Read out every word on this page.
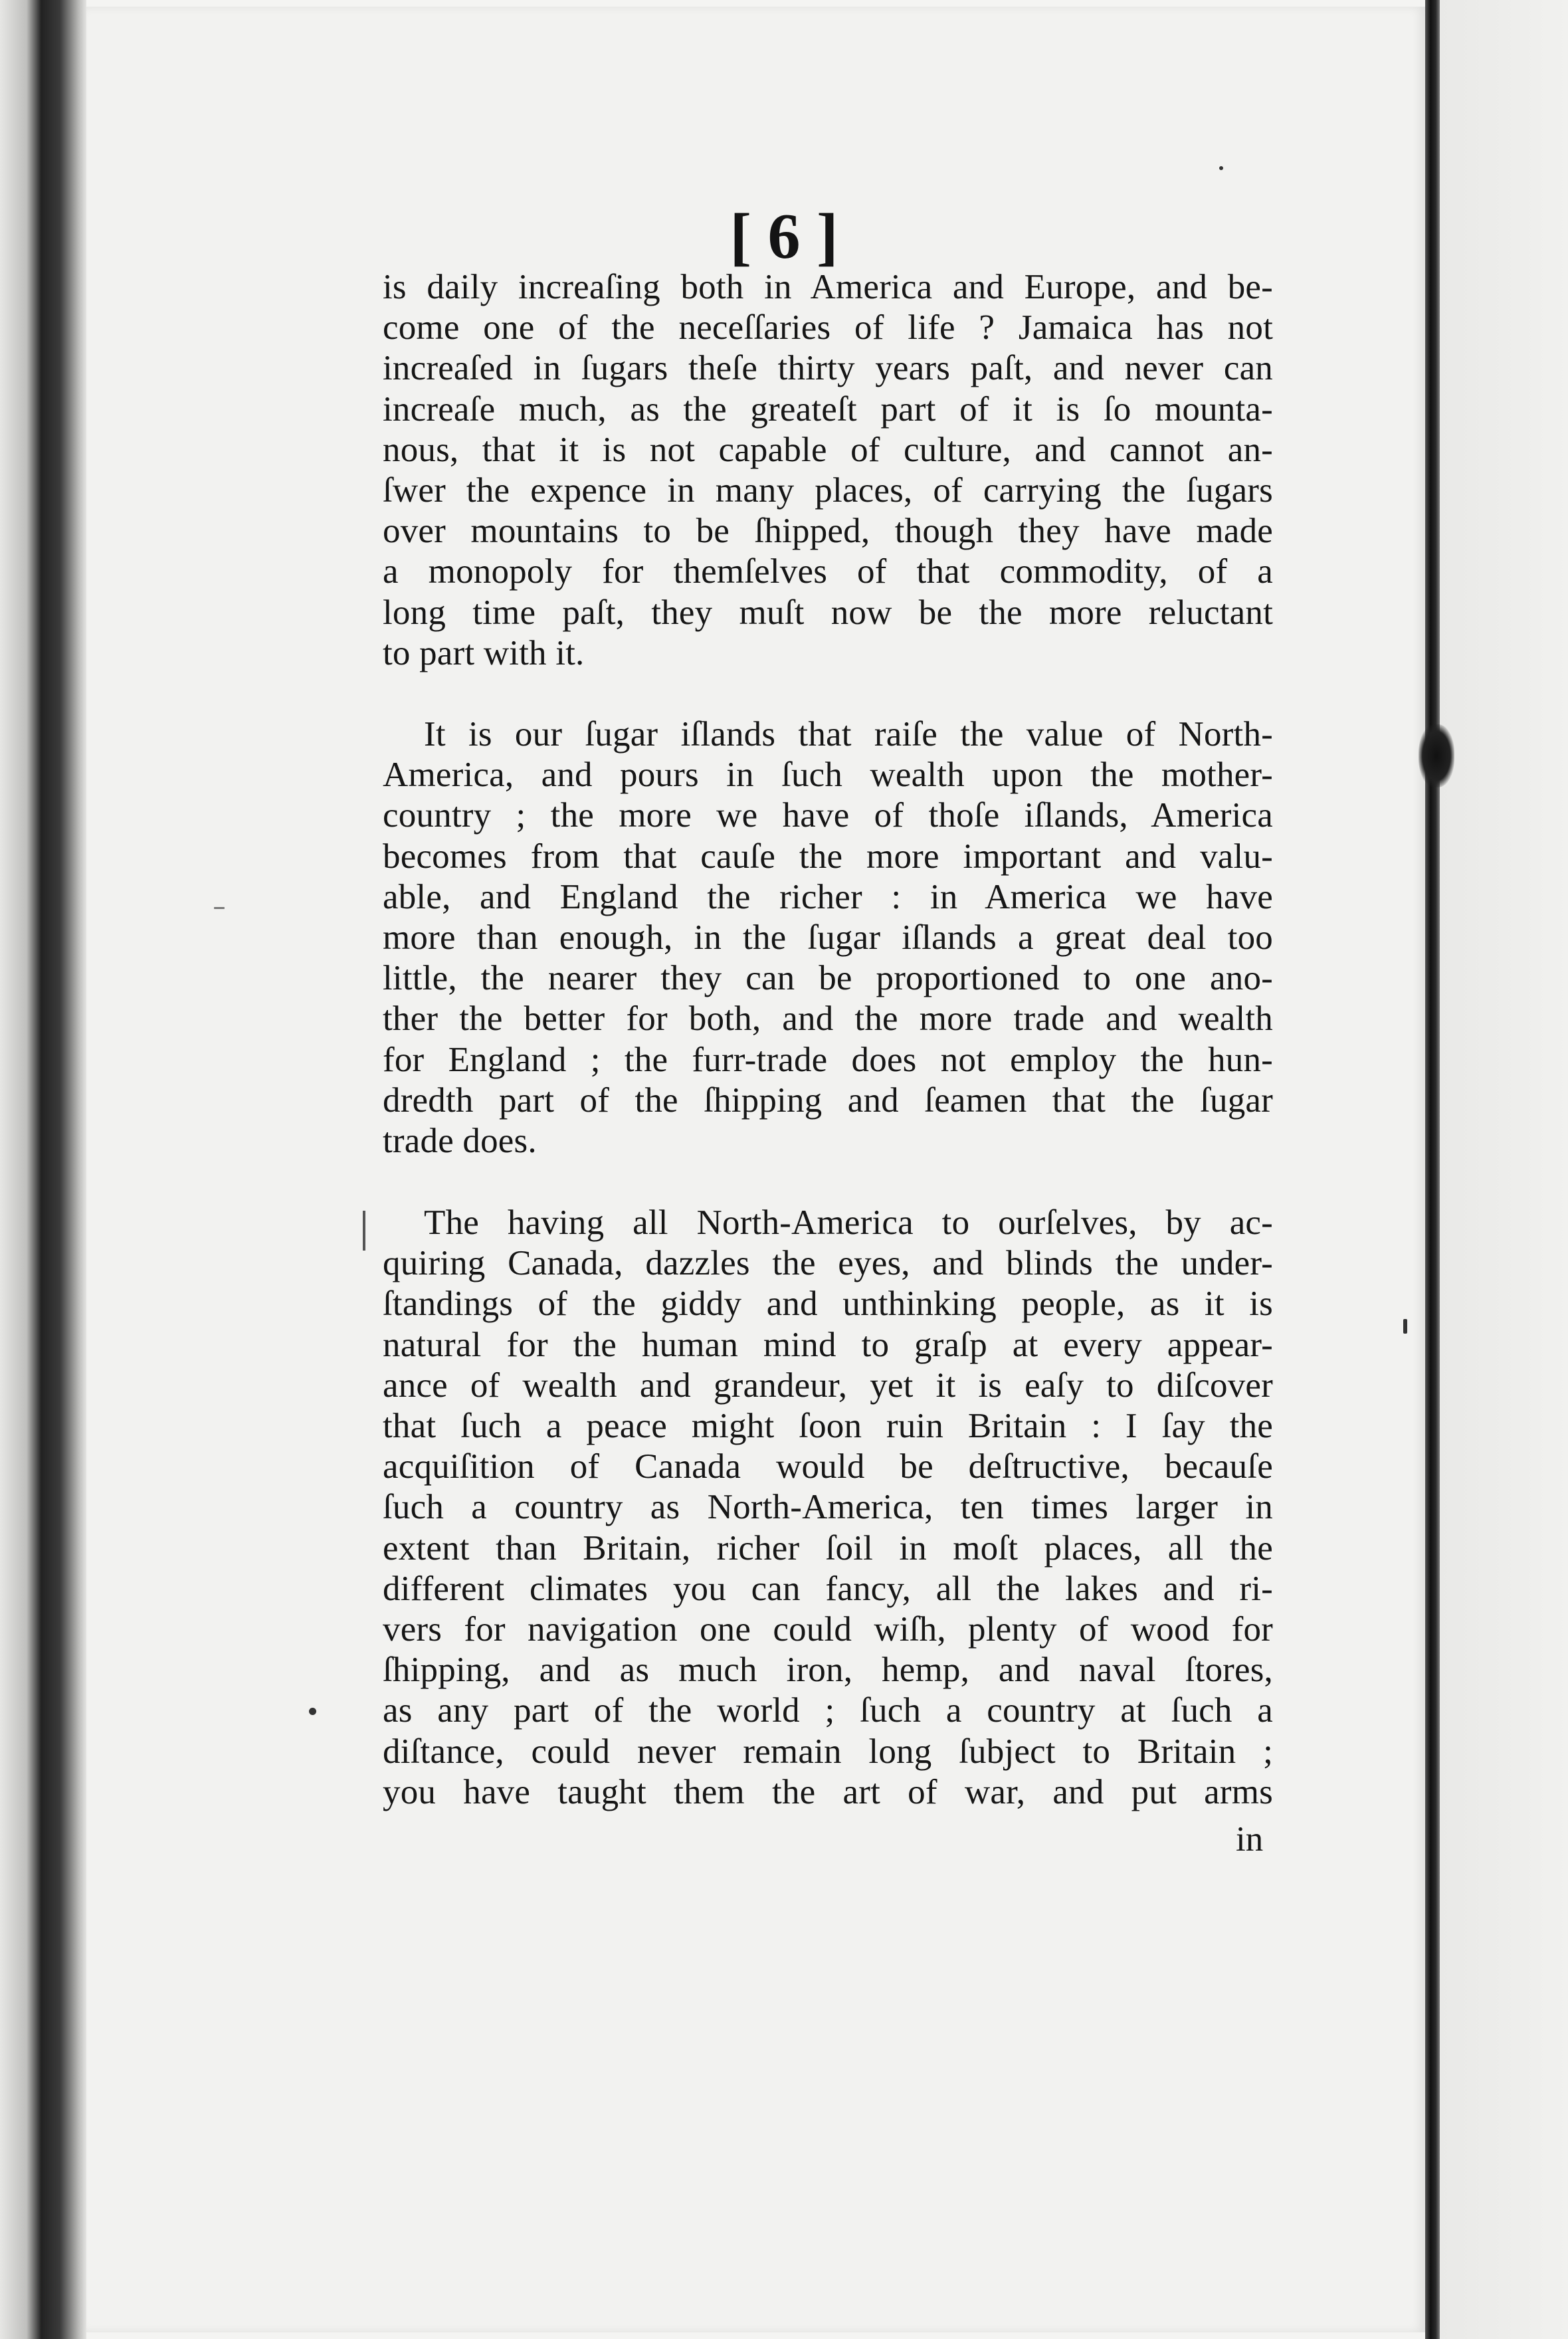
[ 6 ]
is daily increaſing both in America and Europe, and be-
come one of the neceſſaries of life ? Jamaica has not
increaſed in ſugars theſe thirty years paſt, and never can
increaſe much, as the greateſt part of it is ſo mounta-
nous, that it is not capable of culture, and cannot an-
ſwer the expence in many places, of carrying the ſugars
over mountains to be ſhipped, though they have made
a monopoly for themſelves of that commodity, of a
long time paſt, they muſt now be the more reluctant
to part with it.
It is our ſugar iſlands that raiſe the value of North-
America, and pours in ſuch wealth upon the mother-
country ; the more we have of thoſe iſlands, America
becomes from that cauſe the more important and valu-
able, and England the richer : in America we have
more than enough, in the ſugar iſlands a great deal too
little, the nearer they can be proportioned to one ano-
ther the better for both, and the more trade and wealth
for England ; the furr-trade does not employ the hun-
dredth part of the ſhipping and ſeamen that the ſugar
trade does.
The having all North-America to ourſelves, by ac-
quiring Canada, dazzles the eyes, and blinds the under-
ſtandings of the giddy and unthinking people, as it is
natural for the human mind to graſp at every appear-
ance of wealth and grandeur, yet it is eaſy to diſcover
that ſuch a peace might ſoon ruin Britain : I ſay the
acquiſition of Canada would be deſtructive, becauſe
ſuch a country as North-America, ten times larger in
extent than Britain, richer ſoil in moſt places, all the
different climates you can fancy, all the lakes and ri-
vers for navigation one could wiſh, plenty of wood for
ſhipping, and as much iron, hemp, and naval ſtores,
as any part of the world ; ſuch a country at ſuch a
diſtance, could never remain long ſubject to Britain ;
you have taught them the art of war, and put arms
in
